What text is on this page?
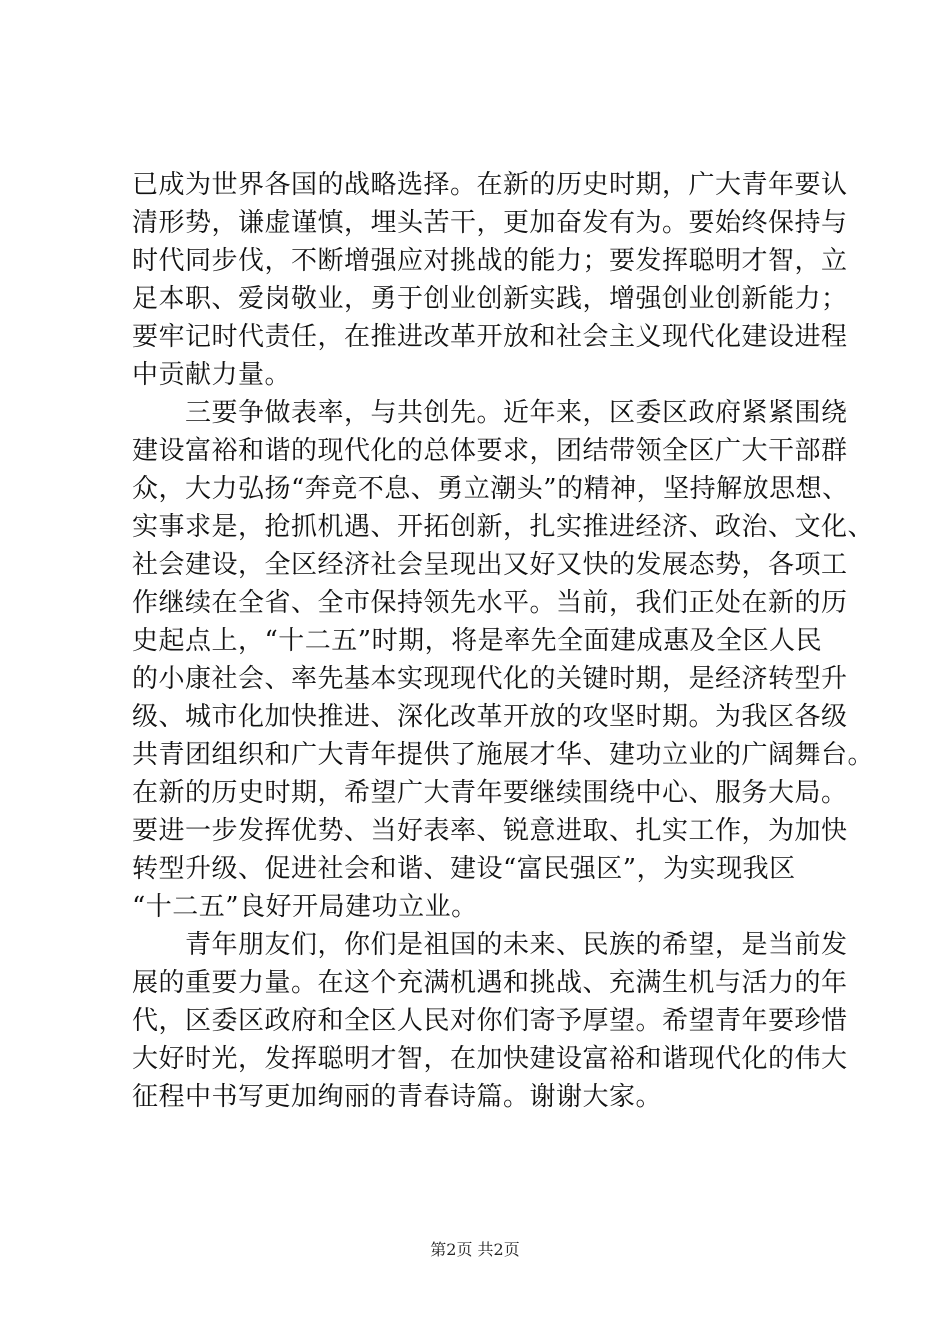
已成为世界各国的战略选择。在新的历史时期，广大青年要认
清形势，谦虚谨慎，埋头苦干，更加奋发有为。要始终保持与
时代同步伐，不断增强应对挑战的能力；要发挥聪明才智，立
足本职、爱岗敬业，勇于创业创新实践，增强创业创新能力；
要牢记时代责任，在推进改革开放和社会主义现代化建设进程
中贡献力量。
　　三要争做表率，与共创先。近年来，区委区政府紧紧围绕
建设富裕和谐的现代化的总体要求，团结带领全区广大干部群
众，大力弘扬“奔竞不息、勇立潮头”的精神，坚持解放思想、
实事求是，抢抓机遇、开拓创新，扎实推进经济、政治、文化、
社会建设，全区经济社会呈现出又好又快的发展态势，各项工
作继续在全省、全市保持领先水平。当前，我们正处在新的历
史起点上，“十二五”时期，将是率先全面建成惠及全区人民
的小康社会、率先基本实现现代化的关键时期，是经济转型升
级、城市化加快推进、深化改革开放的攻坚时期。为我区各级
共青团组织和广大青年提供了施展才华、建功立业的广阔舞台。
在新的历史时期，希望广大青年要继续围绕中心、服务大局。
要进一步发挥优势、当好表率、锐意进取、扎实工作，为加快
转型升级、促进社会和谐、建设“富民强区”，为实现我区
“十二五”良好开局建功立业。
　　青年朋友们，你们是祖国的未来、民族的希望，是当前发
展的重要力量。在这个充满机遇和挑战、充满生机与活力的年
代，区委区政府和全区人民对你们寄予厚望。希望青年要珍惜
大好时光，发挥聪明才智，在加快建设富裕和谐现代化的伟大
征程中书写更加绚丽的青春诗篇。谢谢大家。
第2页 共2页
